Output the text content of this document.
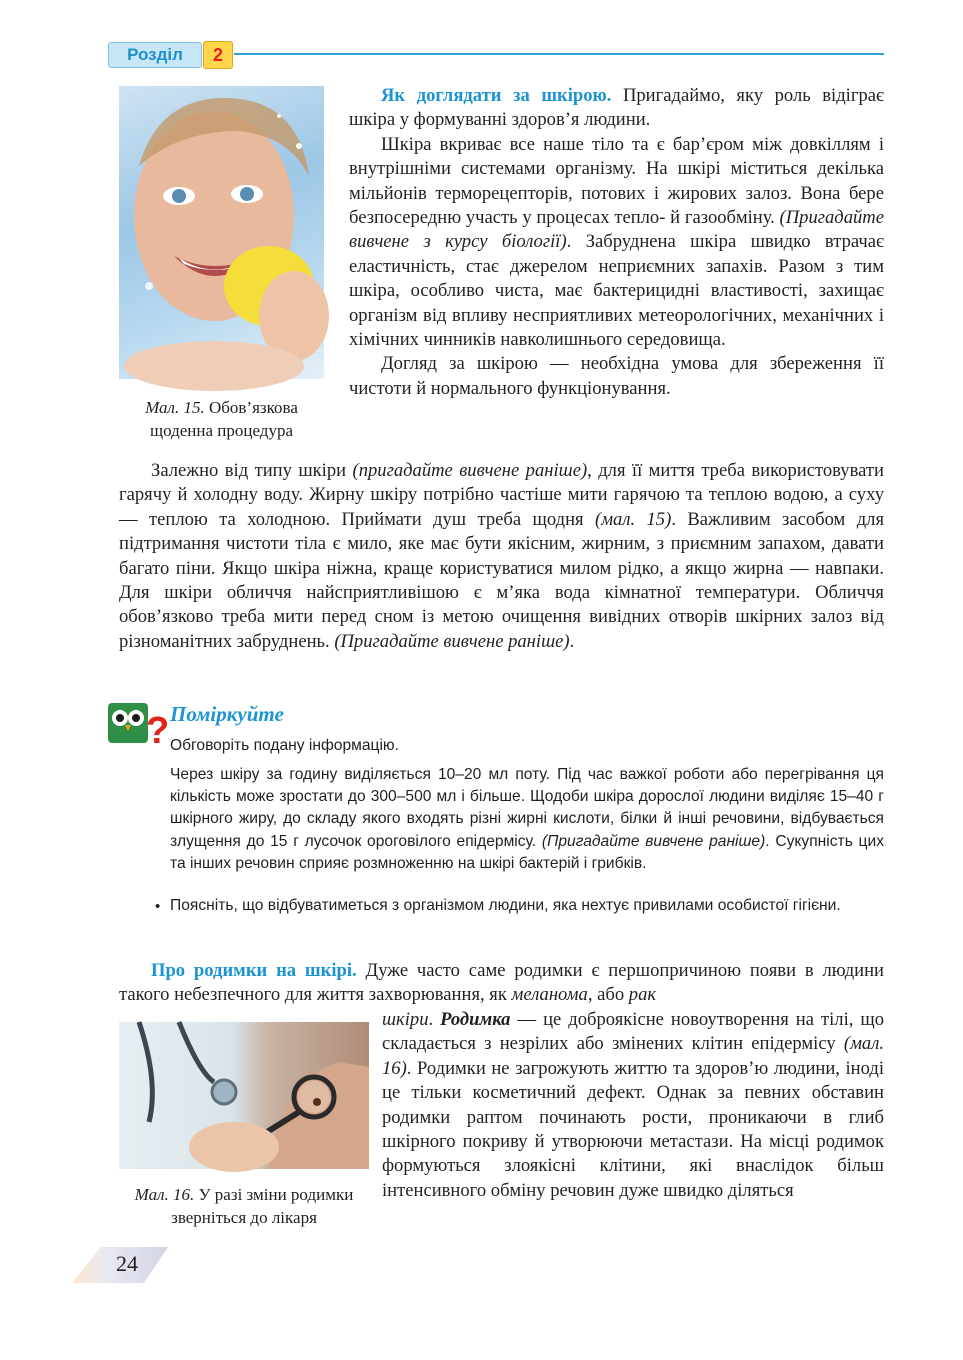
Розділ	2

Мал. 15. Обов’язкова
щоденна процедура

Як доглядати за шкірою. Пригадаймо, яку роль відіграє шкіра у формуванні здоров’я людини.

Шкіра вкриває все наше тіло та є бар’єром між довкіллям і внутрішніми системами організму. На шкірі міститься декілька мільйонів терморецепторів, потових і жирових залоз. Вона бере безпосередню участь у процесах тепло- й газообміну. (Пригадайте вивчене з курсу біології). Забруднена шкіра швидко втрачає еластичність, стає джерелом неприємних запахів. Разом з тим шкіра, особливо чиста, має бактерицидні властивості, захищає організм від впливу несприятливих метеорологічних, механічних і хімічних чинників навколишнього середовища.

Догляд за шкірою — необхідна умова для збереження її чистоти й нормального функціонування.

Залежно від типу шкіри (пригадайте вивчене раніше), для її миття треба використовувати гарячу й холодну воду. Жирну шкіру потрібно частіше мити гарячою та теплою водою, а суху — теплою та холодною. Приймати душ треба щодня (мал. 15). Важливим засобом для підтримання чистоти тіла є мило, яке має бути якісним, жирним, з приємним запахом, давати багато піни. Якщо шкіра ніжна, краще користуватися милом рідко, а якщо жирна — навпаки. Для шкіри обличчя найсприятливішою є м’яка вода кімнатної температури. Обличчя обов’язково треба мити перед сном із метою очищення вивідних отворів шкірних залоз від різноманітних забруднень. (Пригадайте вивчене раніше).

? Поміркуйте

Обговоріть подану інформацію.

Через шкіру за годину виділяється 10–20 мл поту. Під час важкої роботи або перегрівання ця кількість може зростати до 300–500 мл і більше. Щодоби шкіра дорослої людини виділяє 15–40 г шкірного жиру, до складу якого входять різні жирні кислоти, білки й інші речовини, відбувається злущення до 15 г лусочок ороговілого епідермісу. (Пригадайте вивчене раніше). Сукупність цих та інших речовин сприяє розмноженню на шкірі бактерій і грибків.

• Поясніть, що відбуватиметься з організмом людини, яка нехтує привилами особистої гігієни.

Про родимки на шкірі. Дуже часто саме родимки є першопричиною появи в людини такого небезпечного для життя захворювання, як меланома, або рак

шкіри. Родимка — це доброякісне новоутворення на тілі, що складається з незрілих або змінених клітин епідермісу (мал. 16). Родимки не загрожують життю та здоров’ю людини, іноді це тільки косметичний дефект. Однак за певних обставин родимки раптом починають рости, проникаючи в глиб шкірного покриву й утворюючи метастази. На місці родимок формуються злоякісні клітини, які внаслідок більш інтенсивного обміну речовин дуже швидко діляться

Мал. 16. У разі зміни родимки
зверніться до лікаря

24
